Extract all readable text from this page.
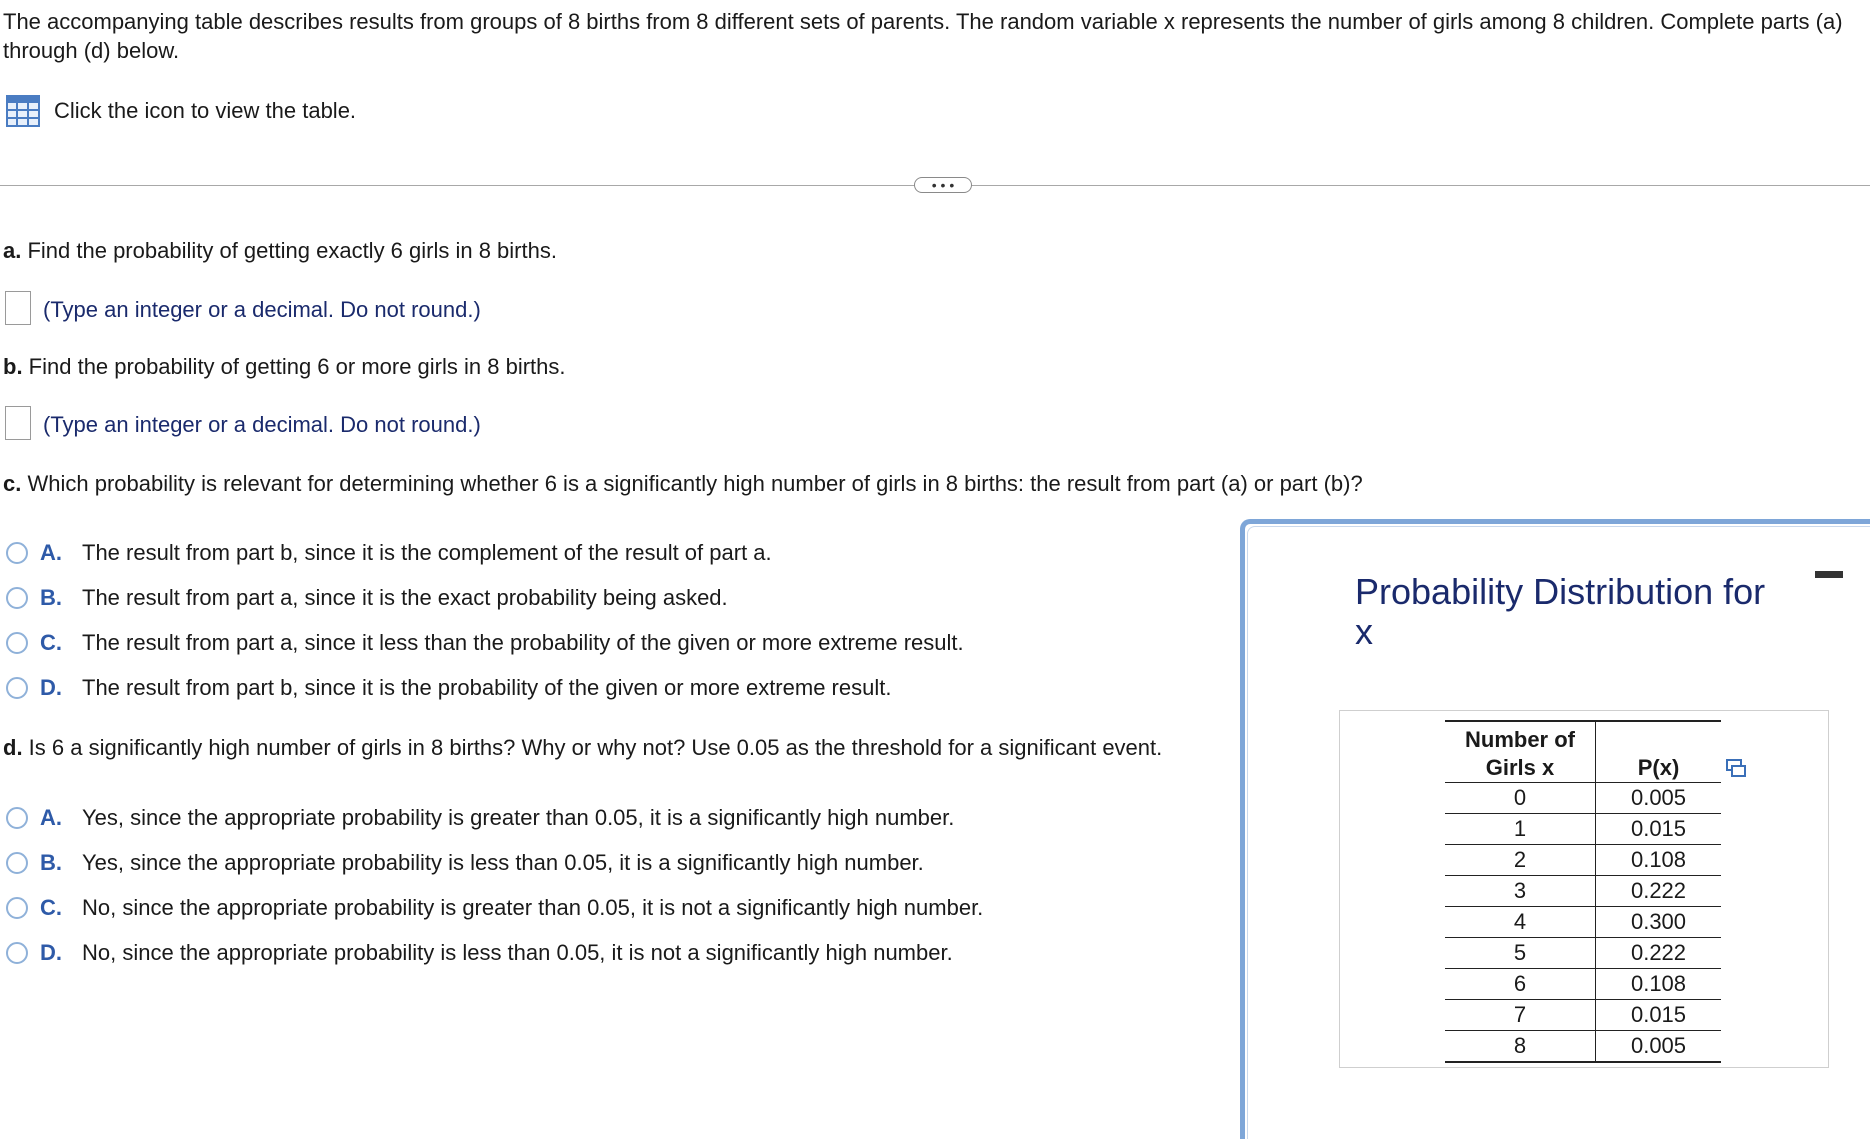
The accompanying table describes results from groups of 8 births from 8 different sets of parents. The random variable x represents the number of girls among 8 children. Complete parts (a) through (d) below.
Click the icon to view the table.
• • •
a. Find the probability of getting exactly 6 girls in 8 births.
(Type an integer or a decimal. Do not round.)
b. Find the probability of getting 6 or more girls in 8 births.
(Type an integer or a decimal. Do not round.)
c. Which probability is relevant for determining whether 6 is a significantly high number of girls in 8 births: the result from part (a) or part (b)?
A. The result from part b, since it is the complement of the result of part a.
B. The result from part a, since it is the exact probability being asked.
C. The result from part a, since it less than the probability of the given or more extreme result.
D. The result from part b, since it is the probability of the given or more extreme result.
d. Is 6 a significantly high number of girls in 8 births? Why or why not? Use 0.05 as the threshold for a significant event.
A. Yes, since the appropriate probability is greater than 0.05, it is a significantly high number.
B. Yes, since the appropriate probability is less than 0.05, it is a significantly high number.
C. No, since the appropriate probability is greater than 0.05, it is not a significantly high number.
D. No, since the appropriate probability is less than 0.05, it is not a significantly high number.
Probability Distribution for
x
Number of
Girls x	P(x)
0	0.005
1	0.015
2	0.108
3	0.222
4	0.300
5	0.222
6	0.108
7	0.015
8	0.005
